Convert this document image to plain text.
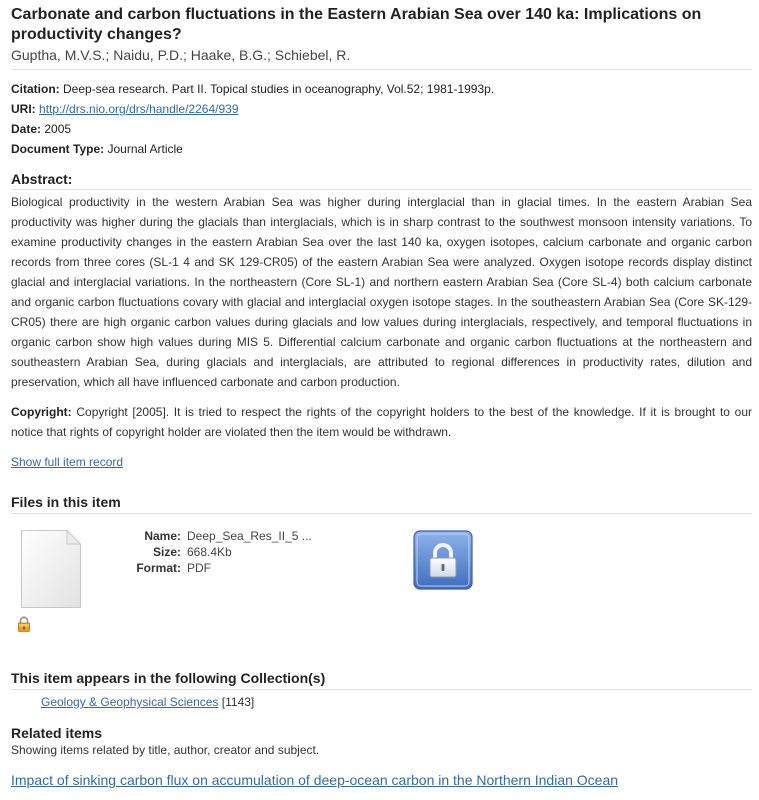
Carbonate and carbon fluctuations in the Eastern Arabian Sea over 140 ka: Implications on productivity changes?
Guptha, M.V.S.; Naidu, P.D.; Haake, B.G.; Schiebel, R.
Citation: Deep-sea research. Part II. Topical studies in oceanography, Vol.52; 1981-1993p.
URI: http://drs.nio.org/drs/handle/2264/939
Date: 2005
Document Type: Journal Article
Abstract:

Biological productivity in the western Arabian Sea was higher during interglacial than in glacial times. In the eastern Arabian Sea productivity was higher during the glacials than interglacials, which is in sharp contrast to the southwest monsoon intensity variations. To examine productivity changes in the eastern Arabian Sea over the last 140 ka, oxygen isotopes, calcium carbonate and organic carbon records from three cores (SL-1 4 and SK 129-CR05) of the eastern Arabian Sea were analyzed. Oxygen isotope records display distinct glacial and interglacial variations. In the northeastern (Core SL-1) and northern eastern Arabian Sea (Core SL-4) both calcium carbonate and organic carbon fluctuations covary with glacial and interglacial oxygen isotope stages. In the southeastern Arabian Sea (Core SK-129-CR05) there are high organic carbon values during glacials and low values during interglacials, respectively, and temporal fluctuations in organic carbon show high values during MIS 5. Differential calcium carbonate and organic carbon fluctuations at the northeastern and southeastern Arabian Sea, during glacials and interglacials, are attributed to regional differences in productivity rates, dilution and preservation, which all have influenced carbonate and carbon production.

Copyright: Copyright [2005]. It is tried to respect the rights of the copyright holders to the best of the knowledge. If it is brought to our notice that rights of copyright holder are violated then the item would be withdrawn.

Show full item record
Files in this item
Name: Deep_Sea_Res_II_5 ...
Size: 668.4Kb
Format: PDF
This item appears in the following Collection(s)
Geology & Geophysical Sciences [1143]
Related items

Showing items related by title, author, creator and subject.

Impact of sinking carbon flux on accumulation of deep-ocean carbon in the Northern Indian Ocean
